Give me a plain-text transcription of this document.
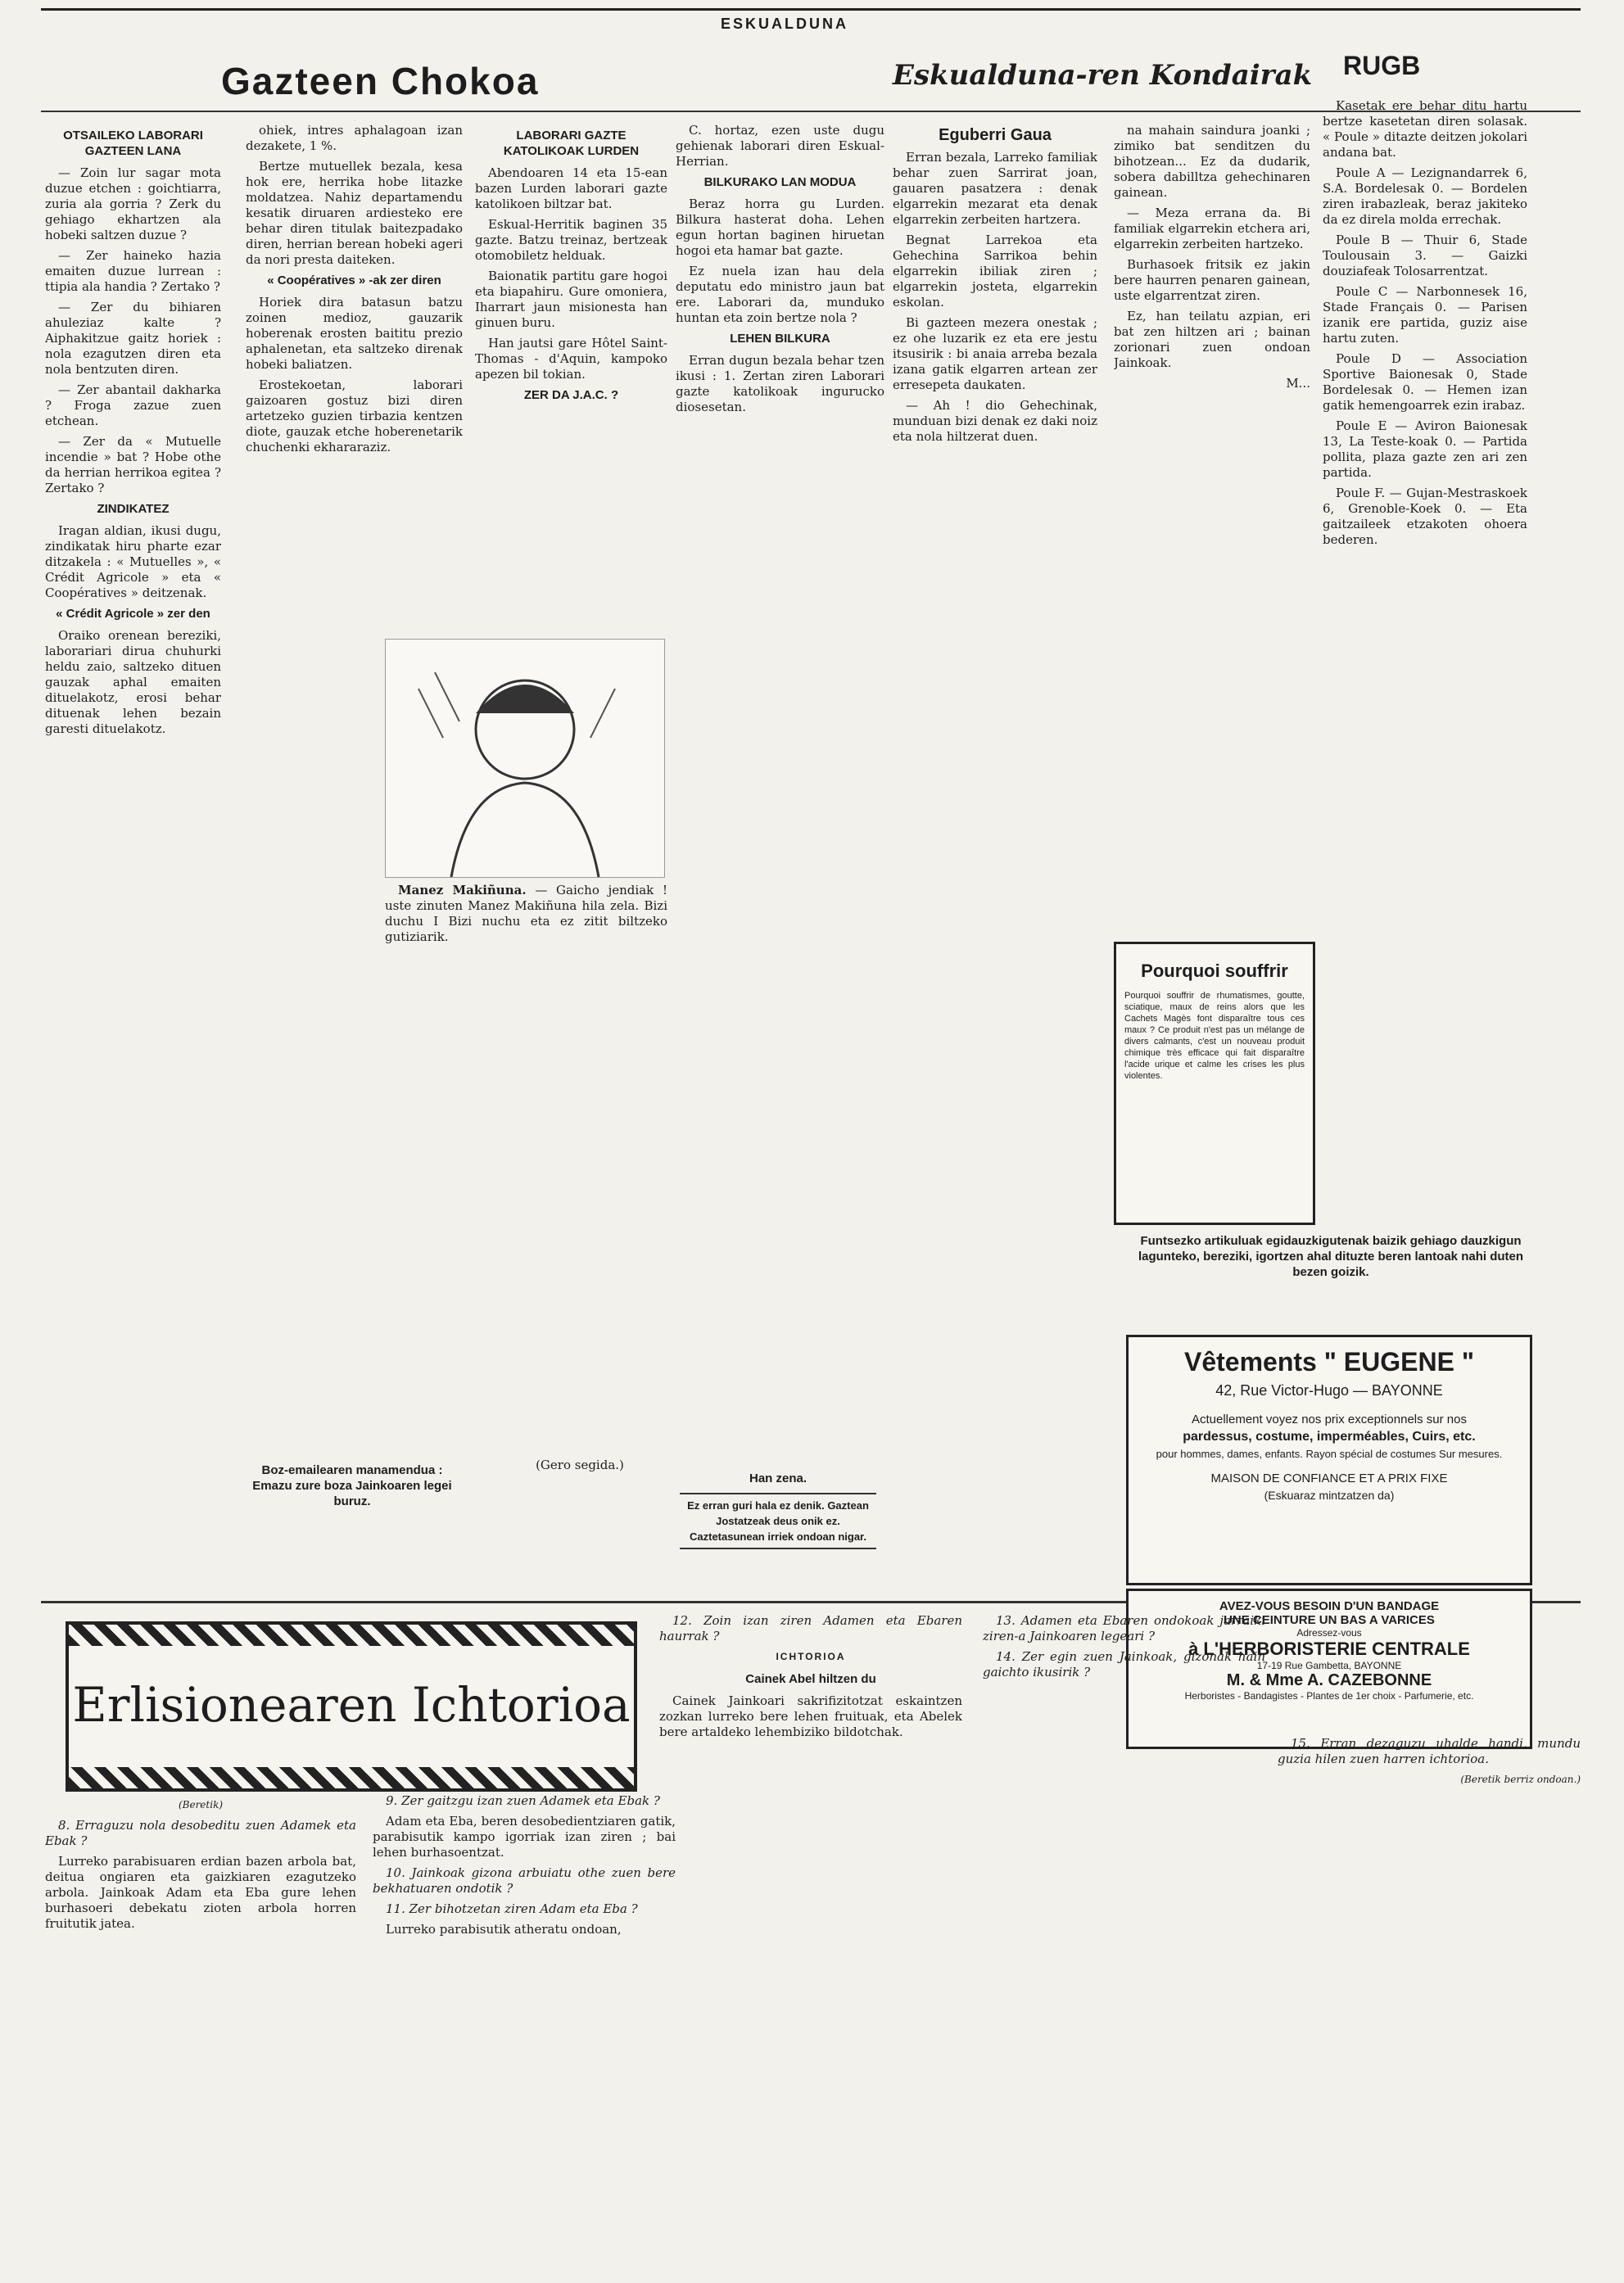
ESKUALDUNA
Gazteen Chokoa	Eskualduna-ren Kondairak RUGB
OTSAILEKO LABORARI GAZTEEN LANA

— Zoin lur sagar mota duzue etchen : goichtiarra, zuria ala gorria ? Zerk du gehiago ekhartzen ala hobeki saltzen duzue ?

— Zer haineko hazia emaiten duzue lurrean : ttipia ala handia ? Zertako ?

— Zer du bihiaren ahuleziaz kalte ? Aiphakitzue gaitz horiek : nola ezagutzen diren eta nola bentzuten diren.

— Zer abantail dakharka ? Froga zazue zuen etchean.

— Zer da « Mutuelle incendie » bat ? Hobe othe da herrian herrikoa egitea ? Zertako ?

ZINDIKATEZ

Iragan aldian, ikusi dugu, zindikatak hiru pharte ezar ditzakela : « Mutuelles », « Crédit Agricole » eta « Coopératives » deitzenak.

« Crédit Agricole » zer den

Oraiko orenean bereziki, laborariari dirua chuhurki heldu zaio, saltzeko dituen gauzak aphal emaiten dituelakotz, erosi behar dituenak lehen bezain garesti dituelakotz.

ohiek, intres aphalagoan izan dezakete, 1 %.

Bertze mutuellek bezala, kesa hok ere, herrika hobe litazke moldatzea. Nahiz departamendu kesatik diruaren ardiesteko ere behar diren titulak baitezpadako diren, herrian berean hobeki ageri da nori presta daiteken.

« Coopératives » -ak zer diren

Horiek dira batasun batzu zoinen medioz, gauzarik hoberenak erosten baititu prezio aphalenetan, eta saltzeko direnak hobeki baliatzen.

Erostekoetan, laborari gaizoaren gostuz bizi diren artetzeko guzien tirbazia kentzen diote, gauzak etche hoberenetarik chuchenki ekhararaziz.

LABORARI GAZTE KATOLIKOAK LURDEN

Abendoaren 14 eta 15-ean bazen Lurden laborari gazte katolikoen biltzar bat.

Eskual-Herritik baginen 35 gazte. Batzu treinaz, bertzeak otomobiletz helduak.

Baionatik partitu gare hogoi eta biapahiru. Gure omoniera, Iharrart jaun misionesta han ginuen buru.

Han jautsi gare Hôtel Saint-Thomas - d'Aquin, kampoko apezen bil tokian.

ZER DA J.A.C. ?

C. hortaz, ezen uste dugu gehienak laborari diren Eskual-Herrian.

BILKURAKO LAN MODUA

Beraz horra gu Lurden. Bilkura hasterat doha. Lehen egun hortan baginen hiruetan hogoi eta hamar bat gazte.

Ez nuela izan hau dela deputatu edo ministro jaun bat ere. Laborari da, munduko huntan eta zoin bertze nola ?

LEHEN BILKURA

Erran dugun bezala behar tzen ikusi : 1. Zertan ziren Laborari gazte katolikoak ingurucko diosesetan.

Manez Makiñuna. — Gaicho jendiak ! uste zinuten Manez Makiñuna hila zela. Bizi duchu I Bizi nuchu eta ez zitit biltzeko gutiziarik.

Boz-emailearen manamendua : Emazu zure boza Jainkoaren legei buruz.

(Gero segida.)

Han zena.
Ez erran guri hala ez denik. Gaztean Jostatzeak deus onik ez. Caztetasunean irriek ondoan nigar.
Eguberri Gaua

Erran bezala, Larreko familiak behar zuen Sarrirat joan, gauaren pasatzera : denak elgarrekin mezarat eta denak elgarrekin zerbeiten hartzera.

Begnat Larrekoa eta Gehechina Sarrikoa behin elgarrekin ibiliak ziren ; elgarrekin josteta, elgarrekin eskolan.

Bi gazteen mezera onestak ; ez ohe luzarik ez eta ere jestu itsusirik : bi anaia arreba bezala izana gatik elgarren artean zer erresepeta daukaten.

— Ah ! dio Gehechinak, munduan bizi denak ez daki noiz eta nola hiltzerat duen.

na mahain saindura joanki ; zimiko bat senditzen du bihotzean... Ez da dudarik, sobera dabilltza gehechinaren gainean.

— Meza errana da. Bi familiak elgarrekin etchera ari, elgarrekin zerbeiten hartzeko.

Burhasoek fritsik ez jakin bere haurren penaren gainean, uste elgarrentzat ziren.

Ez, han teilatu azpian, eri bat zen hiltzen ari ; bainan zorionari zuen ondoan Jainkoak.

M...

Kasetak ere behar ditu hartu bertze kasetetan diren solasak. « Poule » ditazte deitzen jokolari andana bat.

Poule A — Lezignandarrek 6, S.A. Bordelesak 0. — Bordelen ziren irabazleak, beraz jakiteko da ez direla molda errechak.

Poule B — Thuir 6, Stade Toulousain 3. — Gaizki douziafeak Tolosarrentzat.

Poule C — Narbonnesek 16, Stade Français 0. — Parisen izanik ere partida, guziz aise hartu zuten.

Poule D — Association Sportive Baionesak 0, Stade Bordelesak 0. — Hemen izan gatik hemengoarrek ezin irabaz.

Poule E — Aviron Baionesak 13, La Teste-koak 0. — Partida pollita, plaza gazte zen ari zen partida.

Poule F. — Gujan-Mestraskoek 6, Grenoble-Koek 0. — Eta gaitzaileek etzakoten ohoera bederen.

Pourquoi souffrir
Pourquoi souffrir de rhumatismes, goutte, sciatique, maux de reins alors que les Cachets Magès font disparaître tous ces maux ? Ce produit n'est pas un mélange de divers calmants, c'est un nouveau produit chimique très efficace qui fait disparaître l'acide urique et calme les crises les plus violentes.
Funtsezko artikuluak egidauzkigutenak baizik gehiago dauzkigun lagunteko, bereziki, igortzen ahal dituzte beren lantoak nahi duten bezen goizik.
Vêtements " EUGENE "
42, Rue Victor-Hugo — BAYONNE
Actuellement voyez nos prix exceptionnels sur nos
pardessus, costume, imperméables, Cuirs, etc.
pour hommes, dames, enfants. Rayon spécial de costumes Sur mesures.
MAISON DE CONFIANCE ET A PRIX FIXE
(Eskuaraz mintzatzen da)
AVEZ-VOUS BESOIN D'UN BANDAGE
UNE CEINTURE UN BAS A VARICES
Adressez-vous
à L'HERBORISTERIE CENTRALE
17-19 Rue Gambetta, BAYONNE
M. & Mme A. CAZEBONNE
Herboristes - Bandagistes - Plantes de 1er choix - Parfumerie, etc.
Erlisionearen Ichtorioa

(Beretik)

8. Erraguzu nola desobeditu zuen Adamek eta Ebak ?

Lurreko parabisuaren erdian bazen arbola bat, deitua ongiaren eta gaizkiaren ezagutzeko arbola. Jainkoak Adam eta Eba gure lehen burhasoeri debekatu zioten arbola horren fruitutik jatea.

9. Zer gaitzgu izan zuen Adamek eta Ebak ?

Adam eta Eba, beren desobedientziaren gatik, parabisutik kampo igorriak izan ziren ; bai lehen burhasoentzat.

10. Jainkoak gizona arbuiatu othe zuen bere bekhatuaren ondotik ?

11. Zer bihotzetan ziren Adam eta Eba ?

Lurreko parabisutik atheratu ondoan,

12. Zoin izan ziren Adamen eta Ebaren haurrak ?

ICHTORIOA
Cainek Abel hiltzen du

Cainek Jainkoari sakrifizitotzat eskaintzen zozkan lurreko bere lehen fruituak, eta Abelek bere artaldeko lehembiziko bildotchak.

13. Adamen eta Ebaren ondokoak jarraiki ziren-a Jainkoaren legeari ?

14. Zer egin zuen Jainkoak, gizonak hain gaichto ikusirik ?

15. Erran dezaguzu uhalde handi, mundu guzia hilen zuen harren ichtorioa.

(Beretik berriz ondoan.)
